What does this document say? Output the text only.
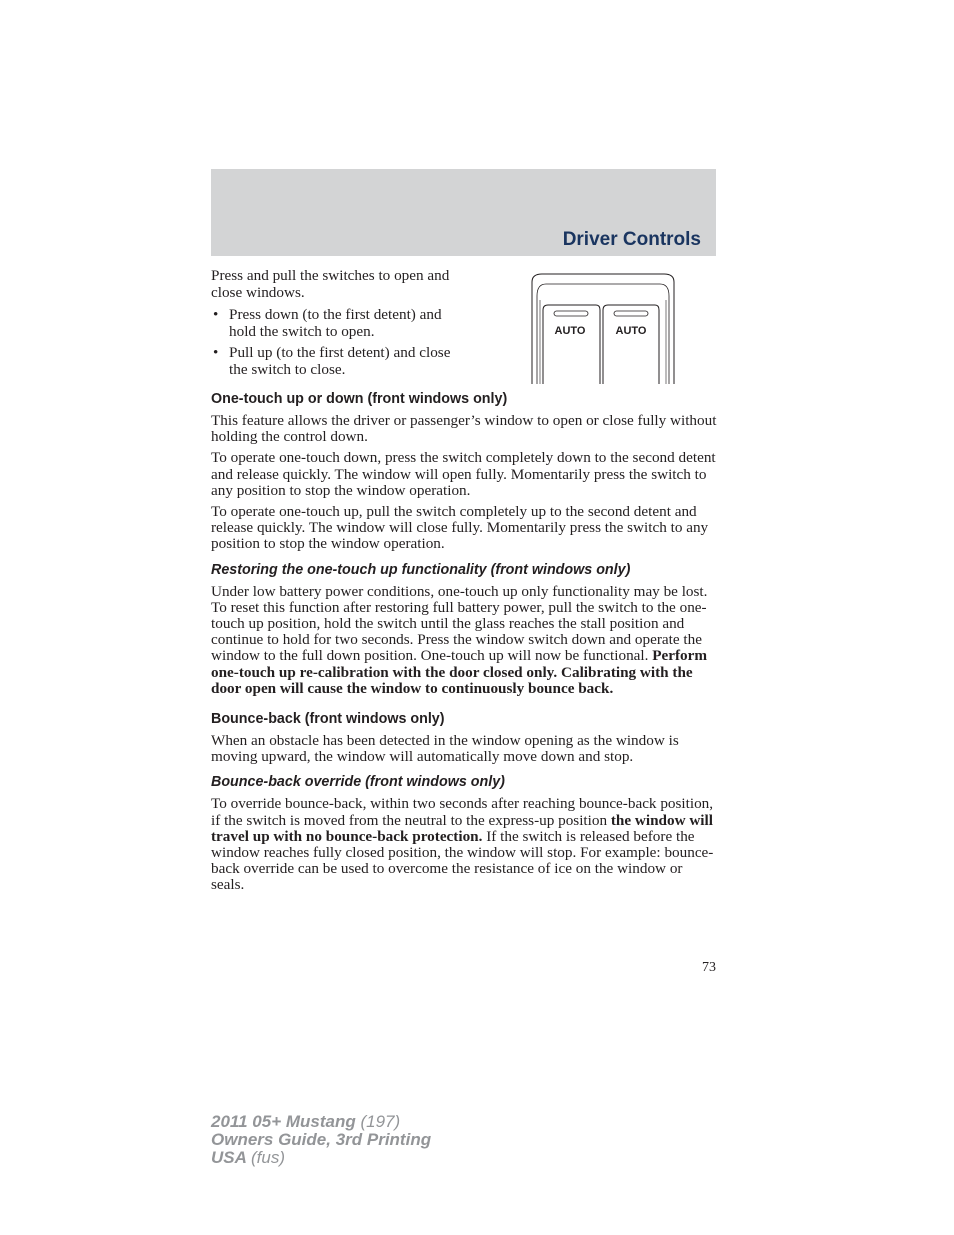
Driver Controls
AUTO	AUTO

Press and pull the switches to open and close windows.

• Press down (to the first detent) and hold the switch to open.
• Pull up (to the first detent) and close the switch to close.
One-touch up or down (front windows only)

This feature allows the driver or passenger’s window to open or close fully without holding the control down.

To operate one-touch down, press the switch completely down to the second detent and release quickly. The window will open fully. Momentarily press the switch to any position to stop the window operation.

To operate one-touch up, pull the switch completely up to the second detent and release quickly. The window will close fully. Momentarily press the switch to any position to stop the window operation.

Restoring the one-touch up functionality (front windows only)

Under low battery power conditions, one-touch up only functionality may be lost. To reset this function after restoring full battery power, pull the switch to the one-touch up position, hold the switch until the glass reaches the stall position and continue to hold for two seconds. Press the window switch down and operate the window to the full down position. One-touch up will now be functional. Perform one-touch up re-calibration with the door closed only. Calibrating with the door open will cause the window to continuously bounce back.

Bounce-back (front windows only)

When an obstacle has been detected in the window opening as the window is moving upward, the window will automatically move down and stop.

Bounce-back override (front windows only)

To override bounce-back, within two seconds after reaching bounce-back position, if the switch is moved from the neutral to the express-up position the window will travel up with no bounce-back protection. If the switch is released before the window reaches fully closed position, the window will stop. For example: bounce-back override can be used to overcome the resistance of ice on the window or seals.

73
2011 05+ Mustang (197)
Owners Guide, 3rd Printing
USA (fus)
